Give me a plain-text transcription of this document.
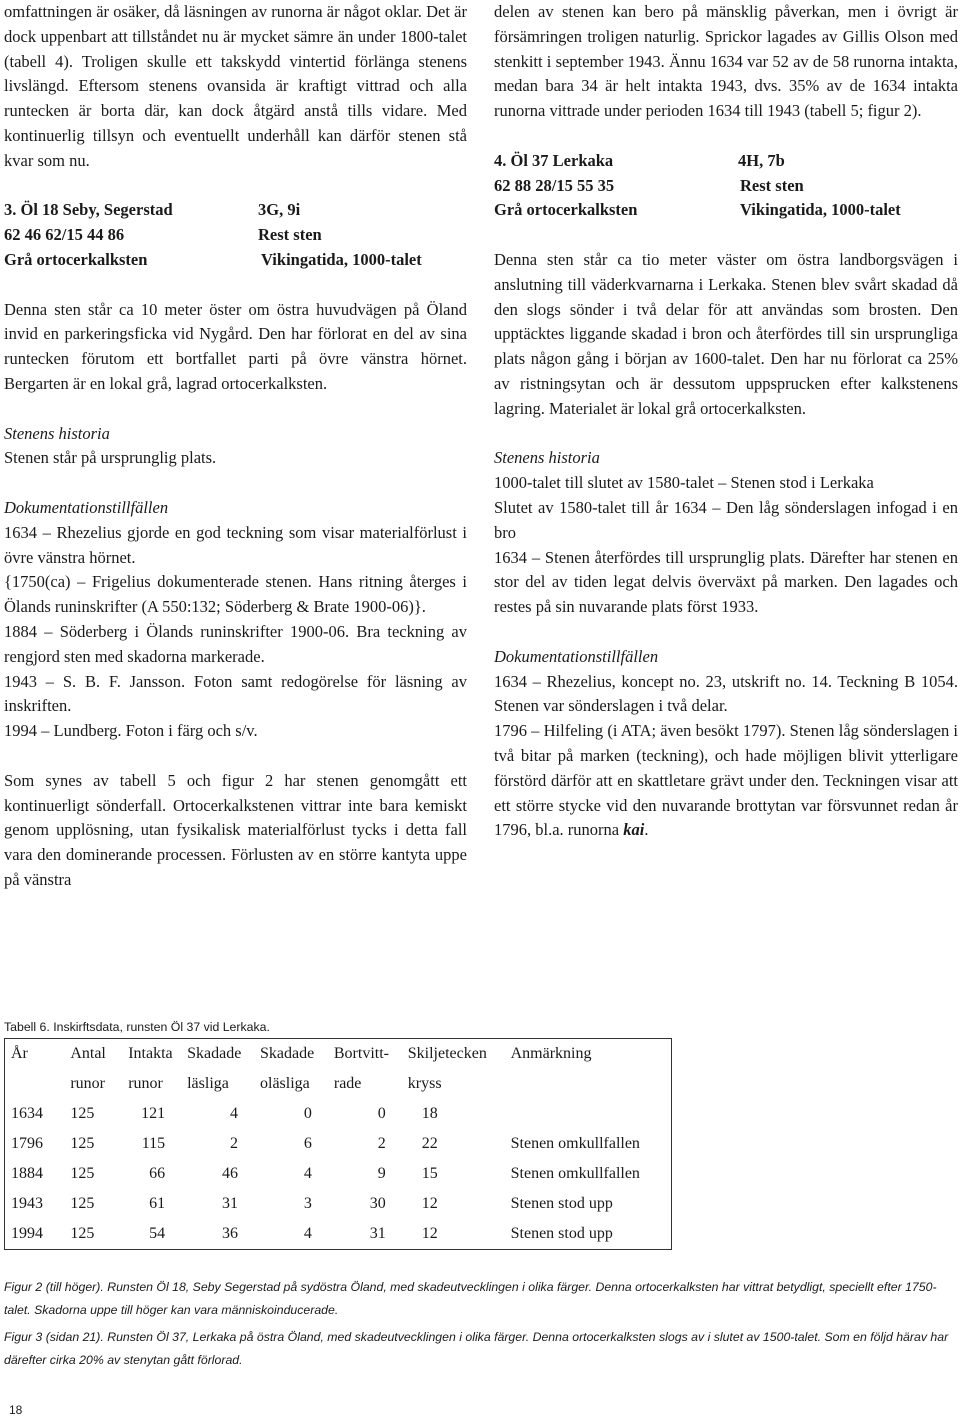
omfattningen är osäker, då läsningen av runorna är något oklar. Det är dock uppenbart att tillståndet nu är mycket sämre än under 1800-talet (tabell 4). Troligen skulle ett takskydd vintertid förlänga stenens livslängd. Eftersom stenens ovansida är kraftigt vittrad och alla runtecken är borta där, kan dock åtgärd anstå tills vidare. Med kontinuerlig tillsyn och eventuellt underhåll kan därför stenen stå kvar som nu.

3. Öl 18 Seby, Segerstad	3G, 9i
62 46 62/15 44 86	Rest sten
Grå ortocerkalksten	Vikingatida, 1000-talet

Denna sten står ca 10 meter öster om östra huvudvägen på Öland invid en parkeringsficka vid Nygård. Den har förlorat en del av sina runtecken förutom ett bortfallet parti på övre vänstra hörnet. Bergarten är en lokal grå, lagrad ortocerkalksten.

Stenens historia

Stenen står på ursprunglig plats.

Dokumentationstillfällen

1634 – Rhezelius gjorde en god teckning som visar materialförlust i övre vänstra hörnet.

{1750(ca) – Frigelius dokumenterade stenen. Hans ritning återges i Ölands runinskrifter (A 550:132; Söderberg & Brate 1900-06)}.

1884 – Söderberg i Ölands runinskrifter 1900-06. Bra teckning av rengjord sten med skadorna markerade.

1943 – S. B. F. Jansson. Foton samt redogörelse för läsning av inskriften.

1994 – Lundberg. Foton i färg och s/v.

Som synes av tabell 5 och figur 2 har stenen genomgått ett kontinuerligt sönderfall. Ortocerkalkstenen vittrar inte bara kemiskt genom upplösning, utan fysikalisk materialförlust tycks i detta fall vara den dominerande processen. Förlusten av en större kantyta uppe på vänstra

delen av stenen kan bero på mänsklig påverkan, men i övrigt är försämringen troligen naturlig. Sprickor lagades av Gillis Olson med stenkitt i september 1943. Ännu 1634 var 52 av de 58 runorna intakta, medan bara 34 är helt intakta 1943, dvs. 35% av de 1634 intakta runorna vittrade under perioden 1634 till 1943 (tabell 5; figur 2).

4. Öl 37 Lerkaka	4H, 7b
62 88 28/15 55 35	Rest sten
Grå ortocerkalksten	Vikingatida, 1000-talet

Denna sten står ca tio meter väster om östra landborgsvägen i anslutning till väderkvarnarna i Lerkaka. Stenen blev svårt skadad då den slogs sönder i två delar för att användas som brosten. Den upptäcktes liggande skadad i bron och återfördes till sin ursprungliga plats någon gång i början av 1600-talet. Den har nu förlorat ca 25% av ristningsytan och är dessutom uppsprucken efter kalkstenens lagring. Materialet är lokal grå ortocerkalksten.

Stenens historia

1000-talet till slutet av 1580-talet – Stenen stod i Lerkaka

Slutet av 1580-talet till år 1634 – Den låg sönderslagen infogad i en bro

1634 – Stenen återfördes till ursprunglig plats. Därefter har stenen en stor del av tiden legat delvis överväxt på marken. Den lagades och restes på sin nuvarande plats först 1933.

Dokumentationstillfällen

1634 – Rhezelius, koncept no. 23, utskrift no. 14. Teckning B 1054. Stenen var sönderslagen i två delar.

1796 – Hilfeling (i ATA; även besökt 1797). Stenen låg sönderslagen i två bitar på marken (teckning), och hade möjligen blivit ytterligare förstörd därför att en skattletare grävt under den. Teckningen visar att ett större stycke vid den nuvarande brottytan var försvunnet redan år 1796, bl.a. runorna kai.

Tabell 6. Inskirftsdata, runsten Öl 37 vid Lerkaka.
År	Antal	Intakta	Skadade	Skadade	Bortvitt-	Skiljetecken	Anmärkning
	runor	runor	läsliga	oläsliga	rade	kryss	
1634	125	121	4	0	0	18	
1796	125	115	2	6	2	22	Stenen omkullfallen
1884	125	66	46	4	9	15	Stenen omkullfallen
1943	125	61	31	3	30	12	Stenen stod upp
1994	125	54	36	4	31	12	Stenen stod upp
Figur 2 (till höger). Runsten Öl 18, Seby Segerstad på sydöstra Öland, med skadeutvecklingen i olika färger. Denna ortocerkalksten har vittrat betydligt, speciellt efter 1750-talet. Skadorna uppe till höger kan vara människoinducerade.
Figur 3 (sidan 21). Runsten Öl 37, Lerkaka på östra Öland, med skadeutvecklingen i olika färger. Denna ortocerkalksten slogs av i slutet av 1500-talet. Som en följd härav har därefter cirka 20% av stenytan gått förlorad.
18
